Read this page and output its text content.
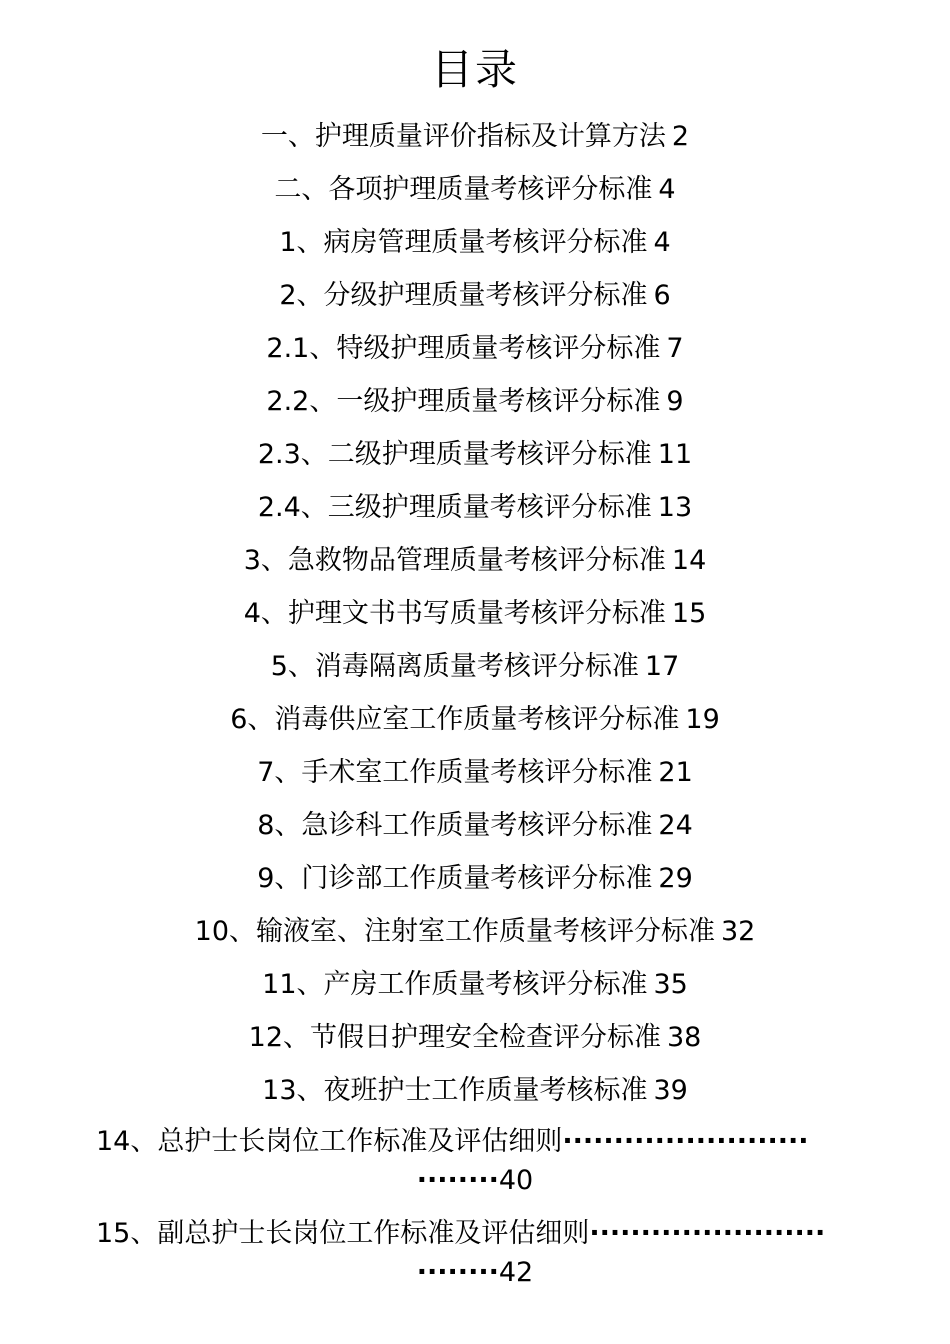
目录
一、护理质量评价指标及计算方法 2
二、各项护理质量考核评分标准 4
1、病房管理质量考核评分标准 4
2、分级护理质量考核评分标准 6
2.1、特级护理质量考核评分标准 7
2.2、一级护理质量考核评分标准 9
2.3、二级护理质量考核评分标准 11
2.4、三级护理质量考核评分标准 13
3、急救物品管理质量考核评分标准 14
4、护理文书书写质量考核评分标准 15
5、消毒隔离质量考核评分标准 17
6、消毒供应室工作质量考核评分标准 19
7、手术室工作质量考核评分标准 21
8、急诊科工作质量考核评分标准 24
9、门诊部工作质量考核评分标准 29
10、输液室、注射室工作质量考核评分标准 32
11、产房工作质量考核评分标准 35
12、节假日护理安全检查评分标准 38
13、夜班护士工作质量考核标准 39
14、总护士长岗位工作标准及评估细则························
········40
15、副总护士长岗位工作标准及评估细则·······················
········42
